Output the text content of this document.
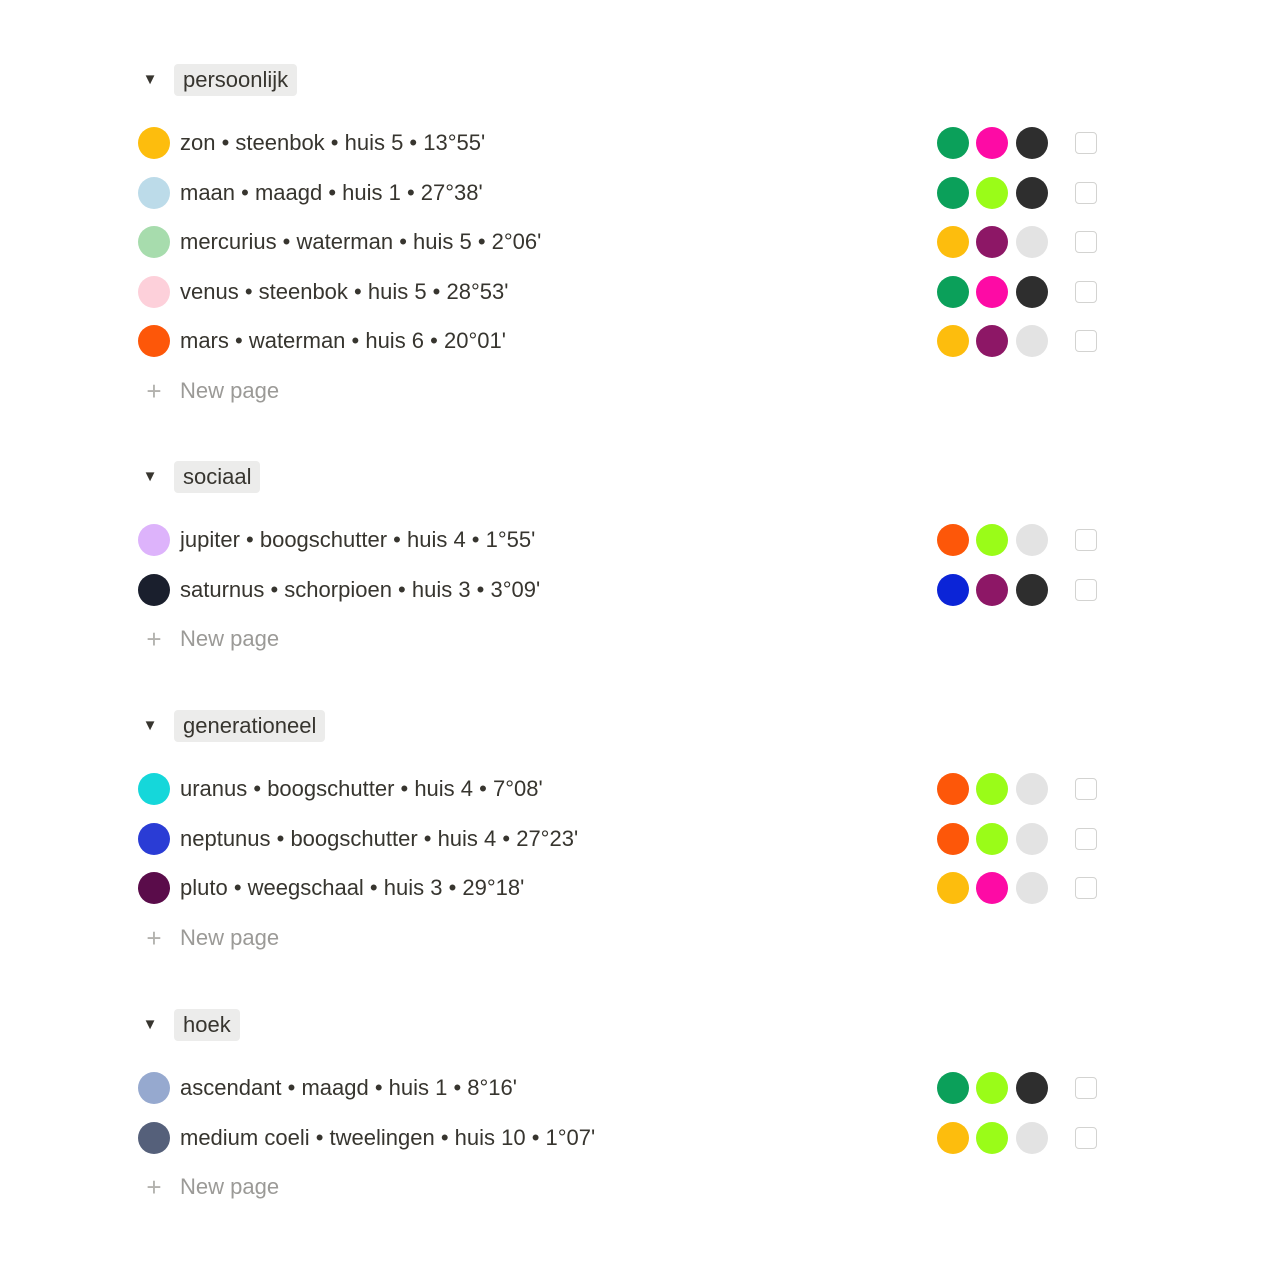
▼	persoonlijk
zon • steenbok • huis 5 • 13°55'
maan • maagd • huis 1 • 27°38'
mercurius • waterman • huis 5 • 2°06'
venus • steenbok • huis 5 • 28°53'
mars • waterman • huis 6 • 20°01'
+ New page
▼	sociaal
jupiter • boogschutter • huis 4 • 1°55'
saturnus • schorpioen • huis 3 • 3°09'
+ New page
▼	generationeel
uranus • boogschutter • huis 4 • 7°08'
neptunus • boogschutter • huis 4 • 27°23'
pluto • weegschaal • huis 3 • 29°18'
+ New page
▼	hoek
ascendant • maagd • huis 1 • 8°16'
medium coeli • tweelingen • huis 10 • 1°07'
+ New page
